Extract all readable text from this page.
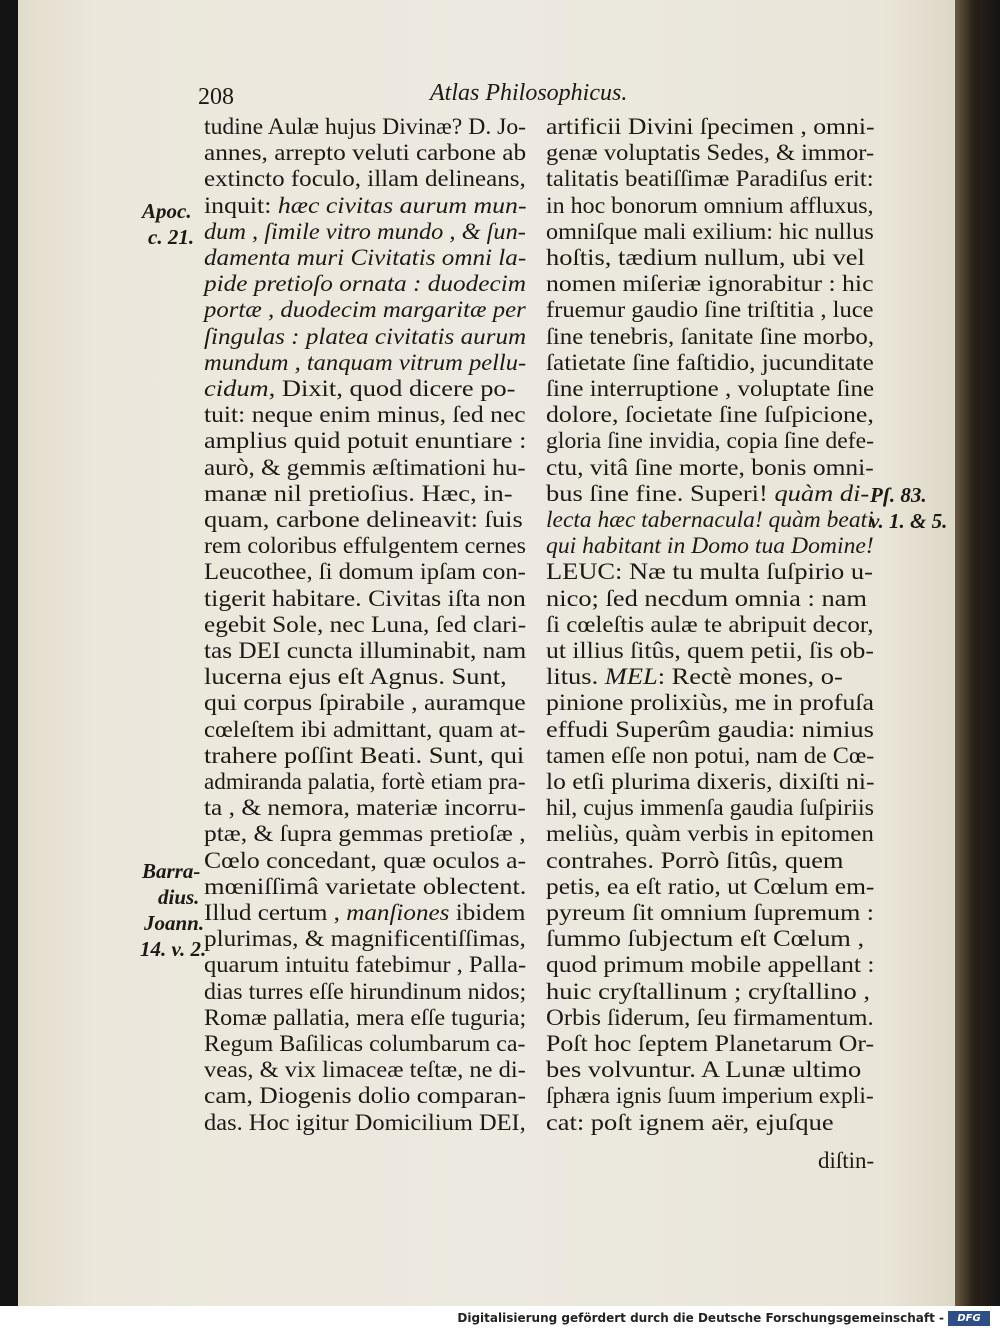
208	Atlas Philosophicus.
tudine Aulæ hujus Divinæ? D. Jo-
annes, arrepto veluti carbone ab
extincto foculo, illam delineans,
inquit: hæc civitas aurum mun-
dum , ſimile vitro mundo , & ſun-
damenta muri Civitatis omni la-
pide pretioſo ornata : duodecim
portæ , duodecim margaritæ per
ſingulas : platea civitatis aurum
mundum , tanquam vitrum pellu-
cidum, Dixit, quod dicere po-
tuit: neque enim minus, ſed nec
amplius quid potuit enuntiare :
aurò, & gemmis æſtimationi hu-
manæ nil pretioſius. Hæc, in-
quam, carbone delineavit: ſuis
rem coloribus effulgentem cernes
Leucothee, ſi domum ipſam con-
tigerit habitare. Civitas iſta non
egebit Sole, nec Luna, ſed clari-
tas DEI cuncta illuminabit, nam
lucerna ejus eſt Agnus. Sunt,
qui corpus ſpirabile , auramque
cœleſtem ibi admittant, quam at-
trahere poſſint Beati. Sunt, qui
admiranda palatia, fortè etiam pra-
ta , & nemora, materiæ incorru-
ptæ, & ſupra gemmas pretioſæ ,
Cœlo concedant, quæ oculos a-
mœniſſimâ varietate oblectent.
Illud certum , manſiones ibidem
plurimas, & magnificentiſſimas,
quarum intuitu fatebimur , Palla-
dias turres eſſe hirundinum nidos;
Romæ pallatia, mera eſſe tuguria;
Regum Baſilicas columbarum ca-
veas, & vix limaceæ teſtæ, ne di-
cam, Diogenis dolio comparan-
das. Hoc igitur Domicilium DEI,
artificii Divini ſpecimen , omni-
genæ voluptatis Sedes, & immor-
talitatis beatiſſimæ Paradiſus erit:
in hoc bonorum omnium affluxus,
omniſque mali exilium: hic nullus
hoſtis, tædium nullum, ubi vel
nomen miſeriæ ignorabitur : hic
fruemur gaudio ſine triſtitia , luce
ſine tenebris, ſanitate ſine morbo,
ſatietate ſine faſtidio, jucunditate
ſine interruptione , voluptate ſine
dolore, ſocietate ſine ſuſpicione,
gloria ſine invidia, copia ſine defe-
ctu, vitâ ſine morte, bonis omni-
bus ſine fine. Superi! quàm di-
lecta hæc tabernacula! quàm beati
qui habitant in Domo tua Domine!
LEUC: Næ tu multa ſuſpirio u-
nico; ſed necdum omnia : nam
ſi cœleſtis aulæ te abripuit decor,
ut illius ſitûs, quem petii, ſis ob-
litus. MEL: Rectè mones, o-
pinione prolixiùs, me in profuſa
effudi Superûm gaudia: nimius
tamen eſſe non potui, nam de Cœ-
lo etſi plurima dixeris, dixiſti ni-
hil, cujus immenſa gaudia ſuſpiriis
meliùs, quàm verbis in epitomen
contrahes. Porrò ſitûs, quem
petis, ea eſt ratio, ut Cœlum em-
pyreum ſit omnium ſupremum :
ſummo ſubjectum eſt Cœlum ,
quod primum mobile appellant :
huic cryſtallinum ; cryſtallino ,
Orbis ſiderum, ſeu firmamentum.
Poſt hoc ſeptem Planetarum Or-
bes volvuntur. A Lunæ ultimo
ſphæra ignis ſuum imperium expli-
cat: poſt ignem aër, ejuſque
Apoc.
c. 21.
Pſ. 83.
v. 1. & 5.
Barra-
dius.
Joann.
14. v. 2.
diſtin-
Digitalisierung gefördert durch die Deutsche Forschungsgemeinschaft -	DFG
